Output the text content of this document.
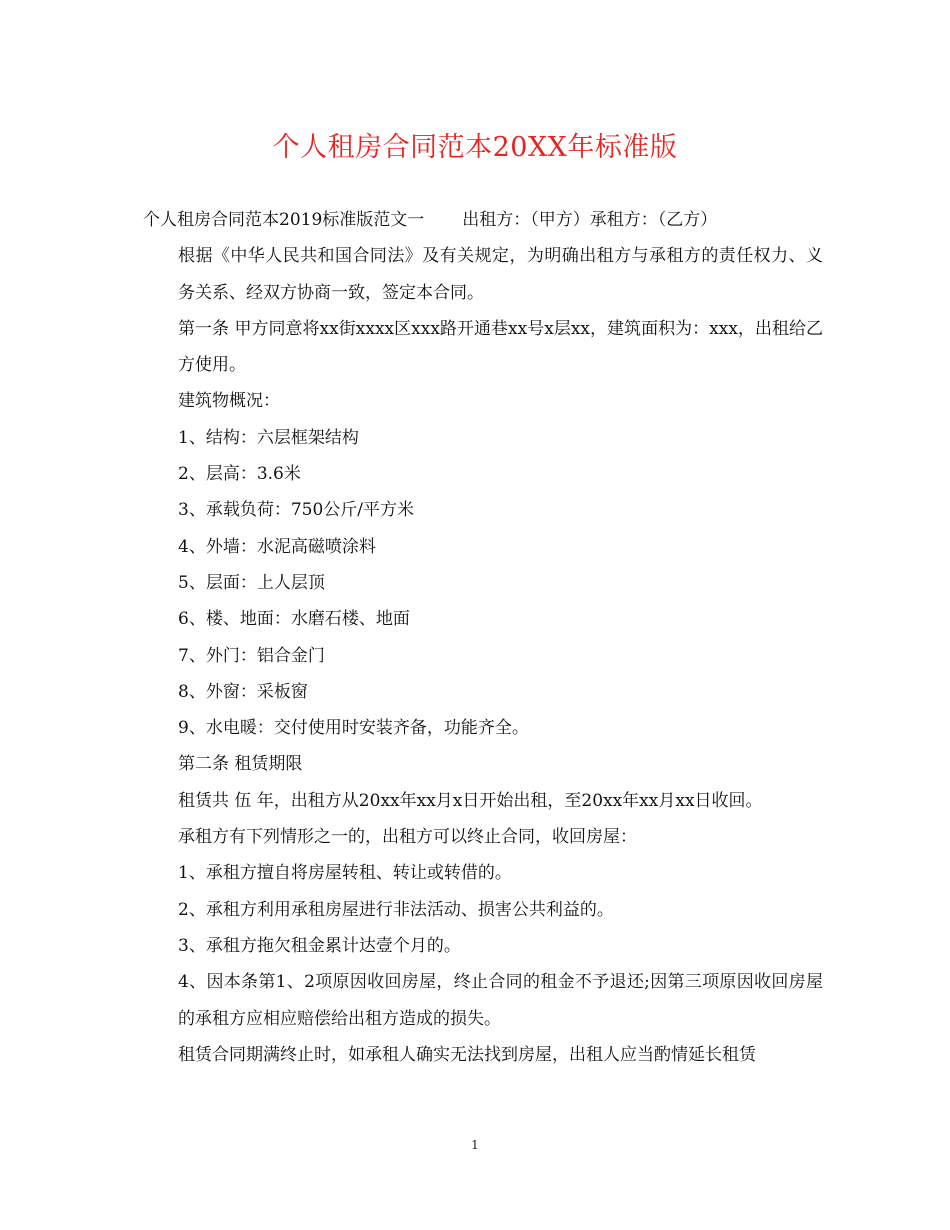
个人租房合同范本20XX年标准版

个人租房合同范本2019标准版范文一 出租方：（甲方）承租方：（乙方）

根据《中华人民共和国合同法》及有关规定，为明确出租方与承租方的责任权力、义务关系、经双方协商一致，签定本合同。

第一条 甲方同意将xx街xxxx区xxx路开通巷xx号x层xx，建筑面积为：xxx，出租给乙方使用。

建筑物概况：

1、结构：六层框架结构

2、层高：3.6米

3、承载负荷：750公斤/平方米

4、外墙：水泥高磁喷涂料

5、层面：上人层顶

6、楼、地面：水磨石楼、地面

7、外门：铝合金门

8、外窗：采板窗

9、水电暖：交付使用时安装齐备，功能齐全。

第二条 租赁期限

租赁共 伍 年，出租方从20xx年xx月x日开始出租，至20xx年xx月xx日收回。

承租方有下列情形之一的，出租方可以终止合同，收回房屋：

1、承租方擅自将房屋转租、转让或转借的。

2、承租方利用承租房屋进行非法活动、损害公共利益的。

3、承租方拖欠租金累计达壹个月的。

4、因本条第1、2项原因收回房屋，终止合同的租金不予退还;因第三项原因收回房屋的承租方应相应赔偿给出租方造成的损失。

租赁合同期满终止时，如承租人确实无法找到房屋，出租人应当酌情延长租赁

1
